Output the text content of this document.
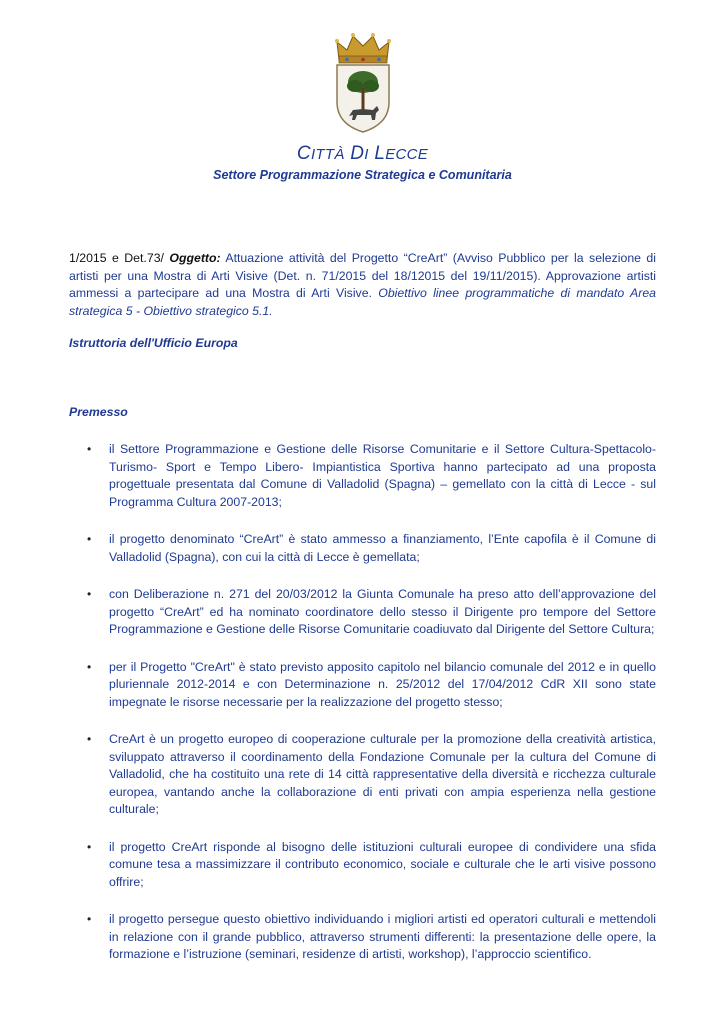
CITTÀ DI LECCE
Settore Programmazione Strategica e Comunitaria
1/2015 e Det.73/ Oggetto: Attuazione attività del Progetto “CreArt” (Avviso Pubblico per la selezione di artisti per una Mostra di Arti Visive (Det. n. 71/2015 del 18/12015 del 19/11/2015). Approvazione artisti ammessi a partecipare ad una Mostra di Arti Visive. Obiettivo linee programmatiche di mandato Area strategica 5 - Obiettivo strategico 5.1.
Istruttoria dell'Ufficio Europa
Premesso
• il Settore Programmazione e Gestione delle Risorse Comunitarie e il Settore Cultura-Spettacolo-Turismo- Sport e Tempo Libero- Impiantistica Sportiva hanno partecipato ad una proposta progettuale presentata dal Comune di Valladolid (Spagna) – gemellato con la città di Lecce - sul Programma Cultura 2007-2013;
• il progetto denominato “CreArt” è stato ammesso a finanziamento, l’Ente capofila è il Comune di Valladolid (Spagna), con cui la città di Lecce è gemellata;
• con Deliberazione n. 271 del 20/03/2012 la Giunta Comunale ha preso atto dell’approvazione del progetto “CreArt” ed ha nominato coordinatore dello stesso il Dirigente pro tempore del Settore Programmazione e Gestione delle Risorse Comunitarie coadiuvato dal Dirigente del Settore Cultura;
• per il Progetto "CreArt" è stato previsto apposito capitolo nel bilancio comunale del 2012 e in quello pluriennale 2012-2014 e con Determinazione n. 25/2012 del 17/04/2012 CdR XII sono state impegnate le risorse necessarie per la realizzazione del progetto stesso;
• CreArt è un progetto europeo di cooperazione culturale per la promozione della creatività artistica, sviluppato attraverso il coordinamento della Fondazione Comunale per la cultura del Comune di Valladolid, che ha costituito una rete di 14 città rappresentative della diversità e ricchezza culturale europea, vantando anche la collaborazione di enti privati con ampia esperienza nella gestione culturale;
• il progetto CreArt risponde al bisogno delle istituzioni culturali europee di condividere una sfida comune tesa a massimizzare il contributo economico, sociale e culturale che le arti visive possono offrire;
• il progetto persegue questo obiettivo individuando i migliori artisti ed operatori culturali e mettendoli in relazione con il grande pubblico, attraverso strumenti differenti: la presentazione delle opere, la formazione e l’istruzione (seminari, residenze di artisti, workshop), l’approccio scientifico.
